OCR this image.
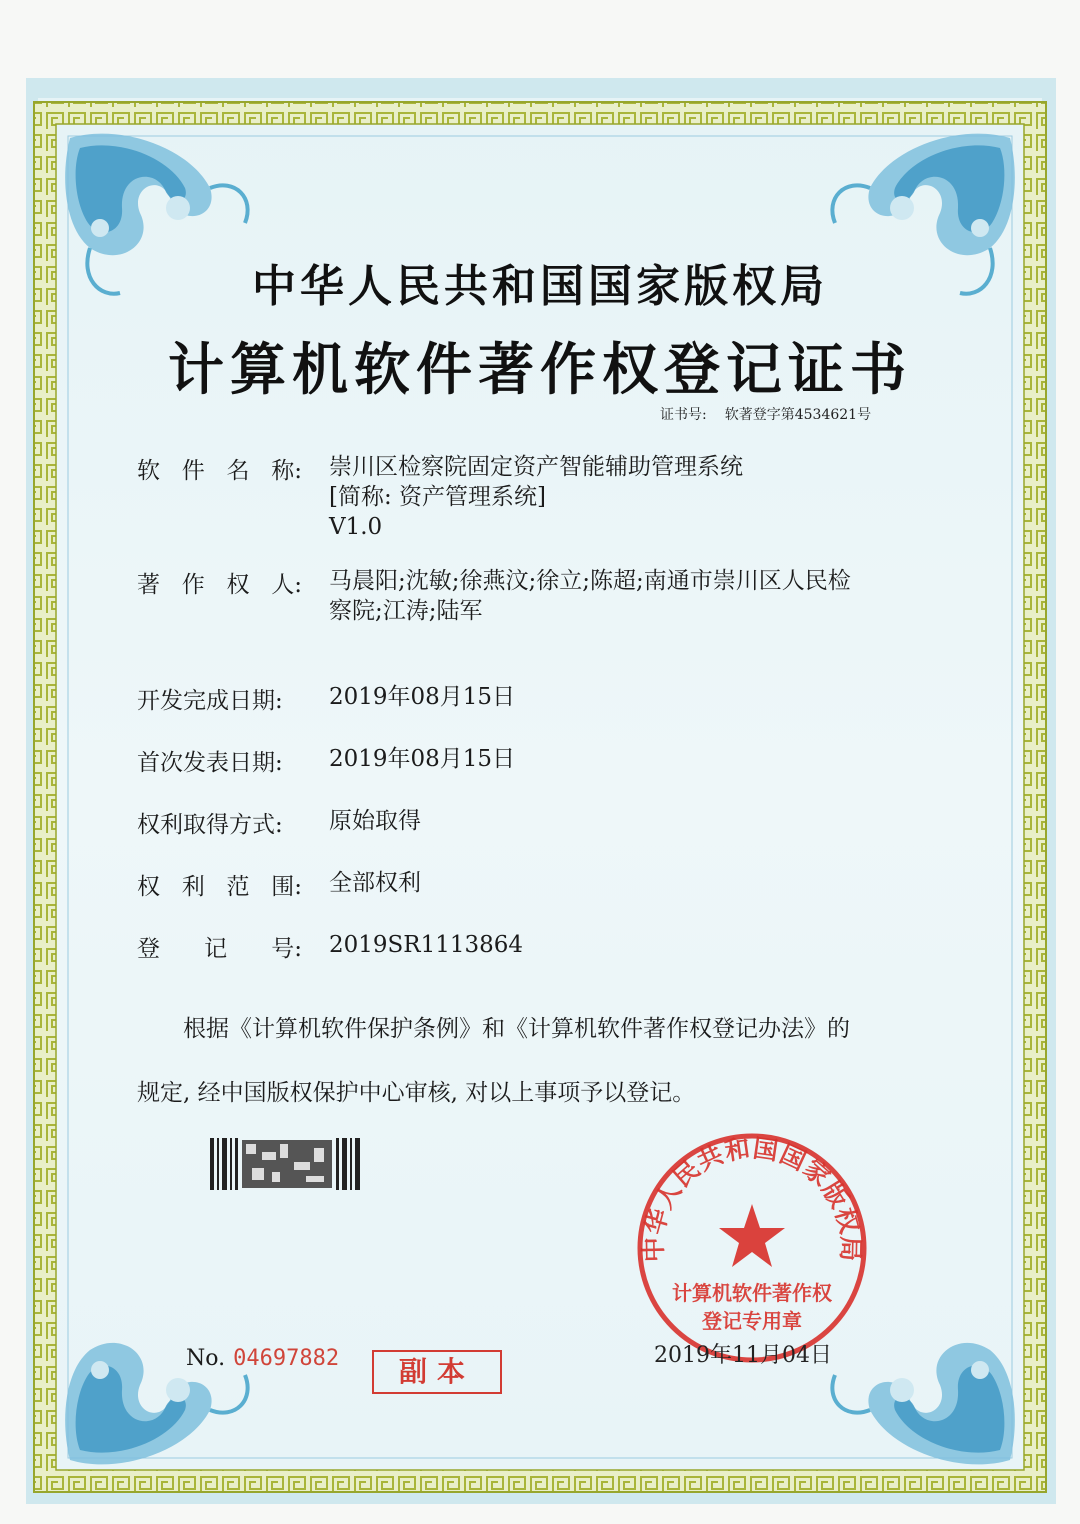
中华人民共和国国家版权局
计算机软件著作权登记证书
证书号: 软著登字第4534621号
软 件 名 称: 崇川区检察院固定资产智能辅助管理系统
[简称: 资产管理系统]
V1.0
著 作 权 人: 马晨阳;沈敏;徐燕汶;徐立;陈超;南通市崇川区人民检
察院;江涛;陆军
开发完成日期:	2019年08月15日
首次发表日期:	2019年08月15日
权利取得方式:	原始取得
权 利 范 围: 全部权利
登 记 号: 2019SR1113864
根据《计算机软件保护条例》和《计算机软件著作权登记办法》的
规定, 经中国版权保护中心审核, 对以上事项予以登记。
No. 04697882	副本
中华人民共和国国家版权局
计算机软件著作权
登记专用章
2019年11月04日
